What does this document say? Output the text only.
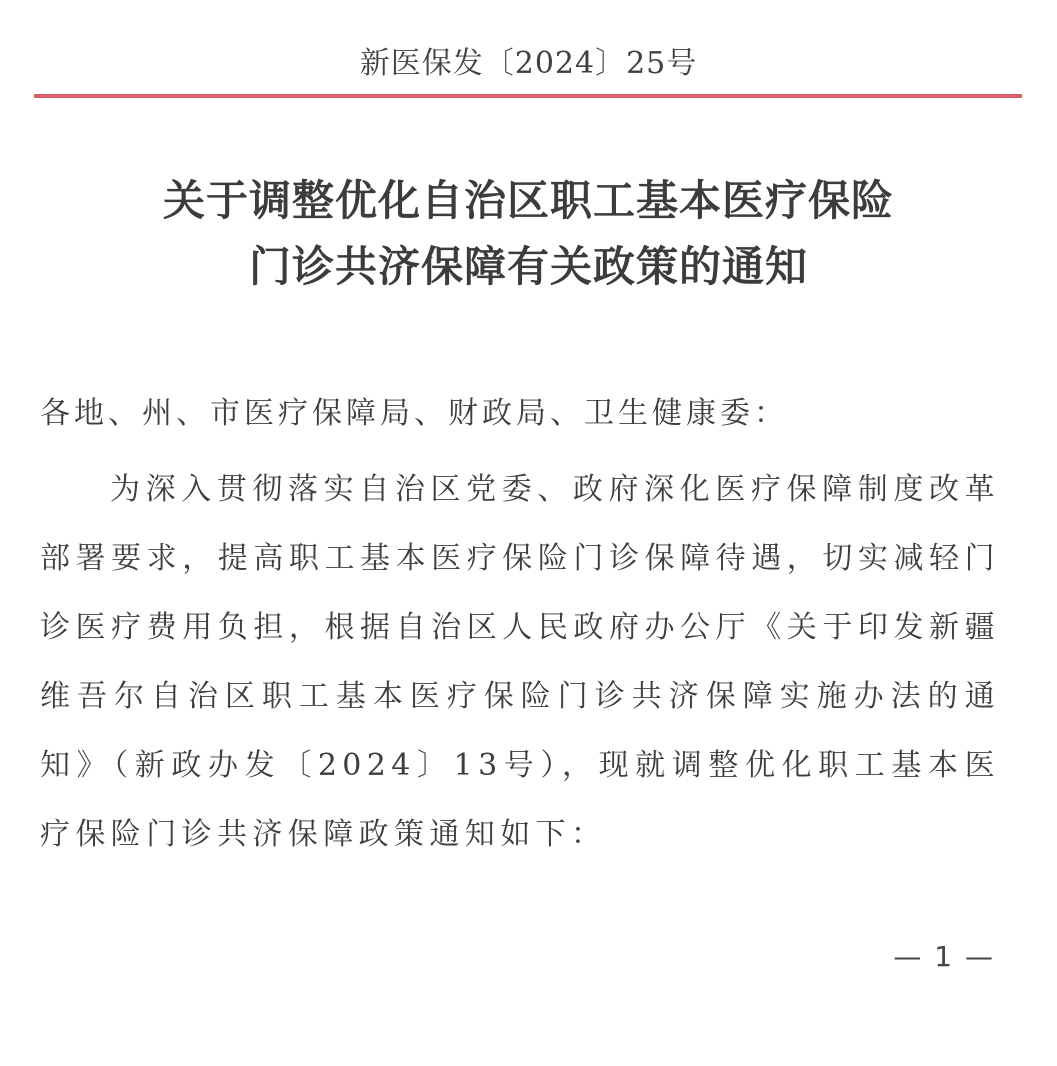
新医保发〔2024〕25号
关于调整优化自治区职工基本医疗保险
门诊共济保障有关政策的通知
各地、州、市医疗保障局、财政局、卫生健康委：
为深入贯彻落实自治区党委、政府深化医疗保障制度改革部署要求，提高职工基本医疗保险门诊保障待遇，切实减轻门诊医疗费用负担，根据自治区人民政府办公厅《关于印发新疆维吾尔自治区职工基本医疗保险门诊共济保障实施办法的通知》（新政办发〔2024〕13号），现就调整优化职工基本医疗保险门诊共济保障政策通知如下：
— 1 —
